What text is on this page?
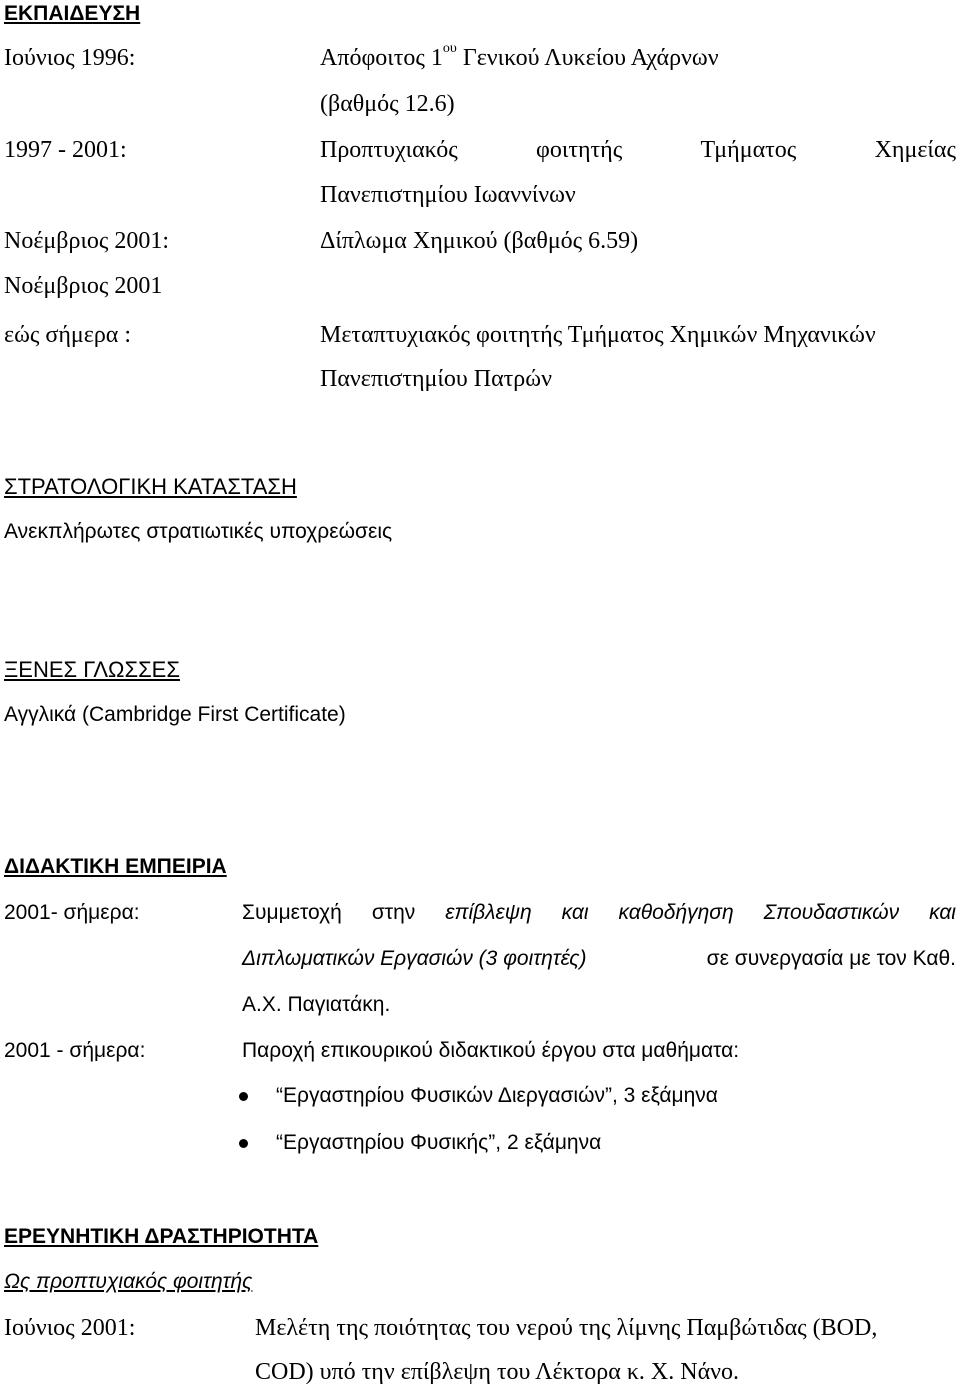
ΕΚΠΑΙΔΕΥΣΗ
Ιούνιος 1996:	Απόφοιτος $1^{o\upsilon}$ Γενικού Λυκείου Αχάρνων
(βαθμός 12.6)
1997 - 2001:	Προπτυχιακός	φοιτητής	Τμήματος	Χημείας
Πανεπιστημίου Ιωαννίνων
Νοέμβριος 2001:	Δίπλωμα Χημικού (βαθμός 6.59)
Νοέμβριος 2001
εώς σήμερα :	Μεταπτυχιακός φοιτητής Τμήματος Χημικών Μηχανικών
Πανεπιστημίου Πατρών
ΣΤΡΑΤΟΛΟΓΙΚΗ ΚΑΤΑΣΤΑΣΗ
Ανεκπλήρωτες στρατιωτικές υποχρεώσεις
ΞΕΝΕΣ ΓΛΩΣΣΕΣ
Αγγλικά (Cambridge First Certificate)
ΔΙΔΑΚΤΙΚΗ ΕΜΠΕΙΡΙΑ
2001- σήμερα:	Συμμετοχή στην επίβλεψη και καθοδήγηση Σπουδαστικών και
Διπλωματικών Εργασιών (3 φοιτητές)	σε συνεργασία με τον Καθ.
Α.Χ. Παγιατάκη.
2001 - σήμερα:	Παροχή επικουρικού διδακτικού έργου στα μαθήματα:
“Εργαστηρίου Φυσικών Διεργασιών”, 3 εξάμηνα
“Εργαστηρίου Φυσικής”, 2 εξάμηνα
ΕΡΕΥΝΗΤΙΚΗ ΔΡΑΣΤΗΡΙΟΤΗΤΑ
Ως προπτυχιακός φοιτητής
Ιούνιος 2001:	Μελέτη της ποιότητας του νερού της λίμνης Παμβώτιδας (BOD,
COD) υπό την επίβλεψη του Λέκτορα κ. Χ. Νάνο.
